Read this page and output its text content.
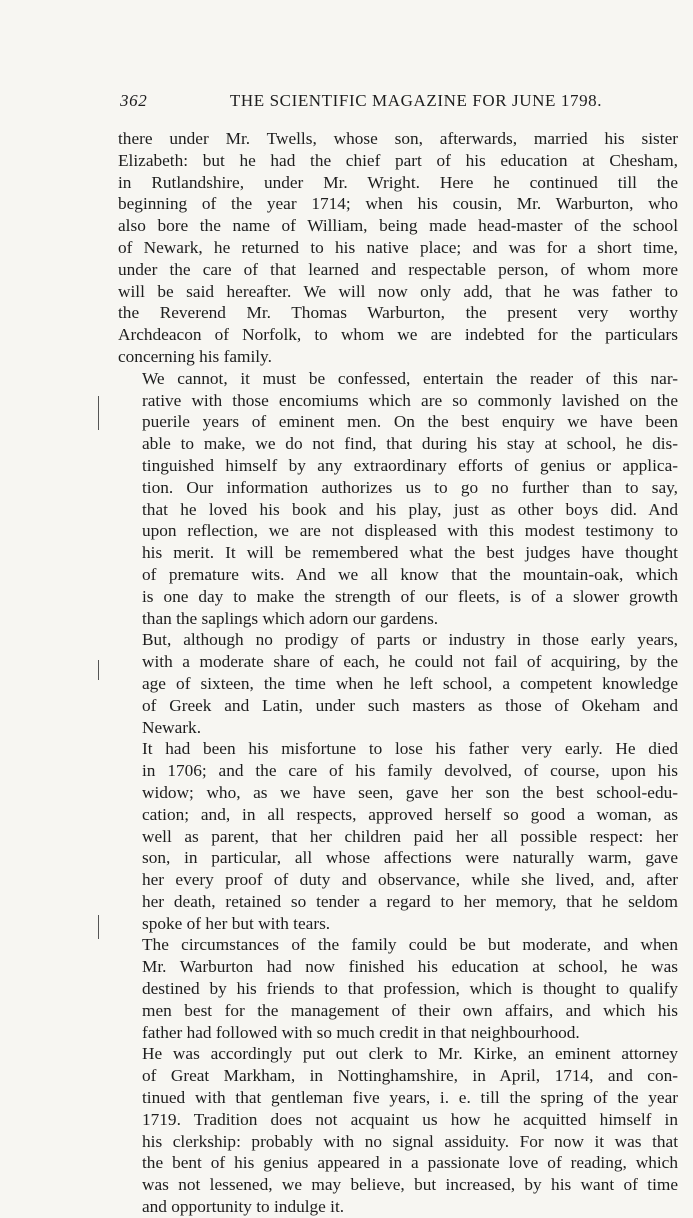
362	THE SCIENTIFIC MAGAZINE FOR JUNE 1798.

there under Mr. Twells, whose son, afterwards, married his sister
Elizabeth: but he had the chief part of his education at Chesham,
in Rutlandshire, under Mr. Wright. Here he continued till the
beginning of the year 1714; when his cousin, Mr. Warburton, who
also bore the name of William, being made head-master of the school
of Newark, he returned to his native place; and was for a short time,
under the care of that learned and respectable person, of whom more
will be said hereafter. We will now only add, that he was father to
the Reverend Mr. Thomas Warburton, the present very worthy
Archdeacon of Norfolk, to whom we are indebted for the particulars
concerning his family.

We cannot, it must be confessed, entertain the reader of this nar-
rative with those encomiums which are so commonly lavished on the
puerile years of eminent men. On the best enquiry we have been
able to make, we do not find, that during his stay at school, he dis-
tinguished himself by any extraordinary efforts of genius or applica-
tion. Our information authorizes us to go no further than to say,
that he loved his book and his play, just as other boys did. And
upon reflection, we are not displeased with this modest testimony to
his merit. It will be remembered what the best judges have thought
of premature wits. And we all know that the mountain-oak, which
is one day to make the strength of our fleets, is of a slower growth
than the saplings which adorn our gardens.

But, although no prodigy of parts or industry in those early years,
with a moderate share of each, he could not fail of acquiring, by the
age of sixteen, the time when he left school, a competent knowledge
of Greek and Latin, under such masters as those of Okeham and
Newark.

It had been his misfortune to lose his father very early. He died
in 1706; and the care of his family devolved, of course, upon his
widow; who, as we have seen, gave her son the best school-edu-
cation; and, in all respects, approved herself so good a woman, as
well as parent, that her children paid her all possible respect: her
son, in particular, all whose affections were naturally warm, gave
her every proof of duty and observance, while she lived, and, after
her death, retained so tender a regard to her memory, that he seldom
spoke of her but with tears.

The circumstances of the family could be but moderate, and when
Mr. Warburton had now finished his education at school, he was
destined by his friends to that profession, which is thought to qualify
men best for the management of their own affairs, and which his
father had followed with so much credit in that neighbourhood.

He was accordingly put out clerk to Mr. Kirke, an eminent attorney
of Great Markham, in Nottinghamshire, in April, 1714, and con-
tinued with that gentleman five years, i. e. till the spring of the year
1719. Tradition does not acquaint us how he acquitted himself in
his clerkship: probably with no signal assiduity. For now it was that
the bent of his genius appeared in a passionate love of reading, which
was not lessened, we may believe, but increased, by his want of time
and opportunity to indulge it.
